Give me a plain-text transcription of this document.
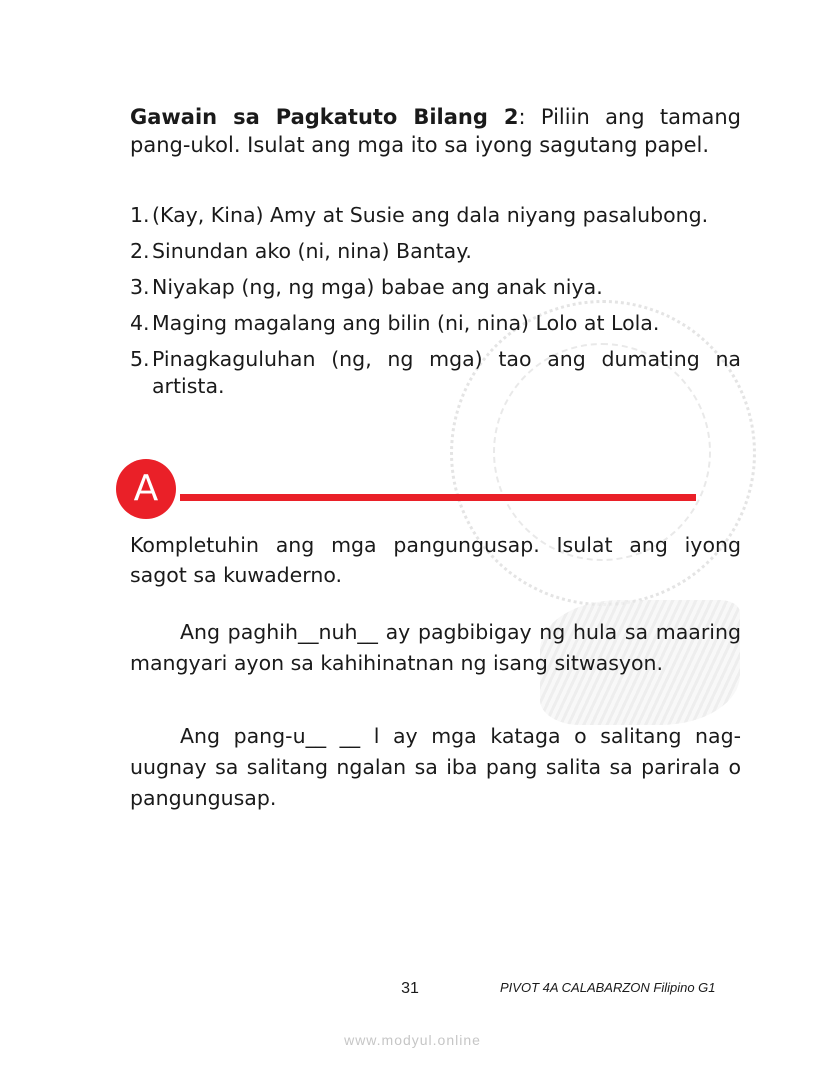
Gawain sa Pagkatuto Bilang 2: Piliin ang tamang pang-ukol. Isulat ang mga ito sa iyong sagutang papel.
1. (Kay, Kina) Amy at Susie ang dala niyang pasalubong.
2. Sinundan ako (ni, nina) Bantay.
3. Niyakap (ng, ng mga) babae ang anak niya.
4. Maging magalang ang bilin (ni, nina) Lolo at Lola.
5. Pinagkaguluhan (ng, ng mga) tao ang dumating na artista.
A
Kompletuhin ang mga pangungusap. Isulat ang iyong sagot sa kuwaderno.
Ang paghih__nuh__ ay pagbibigay ng hula sa maaring mangyari ayon sa kahihinatnan ng isang sitwasyon.
Ang pang-u__ __ l ay mga kataga o salitang nag-uugnay sa salitang ngalan sa iba pang salita sa parirala o pangungusap.
31	PIVOT 4A CALABARZON Filipino G1
www.modyul.online
